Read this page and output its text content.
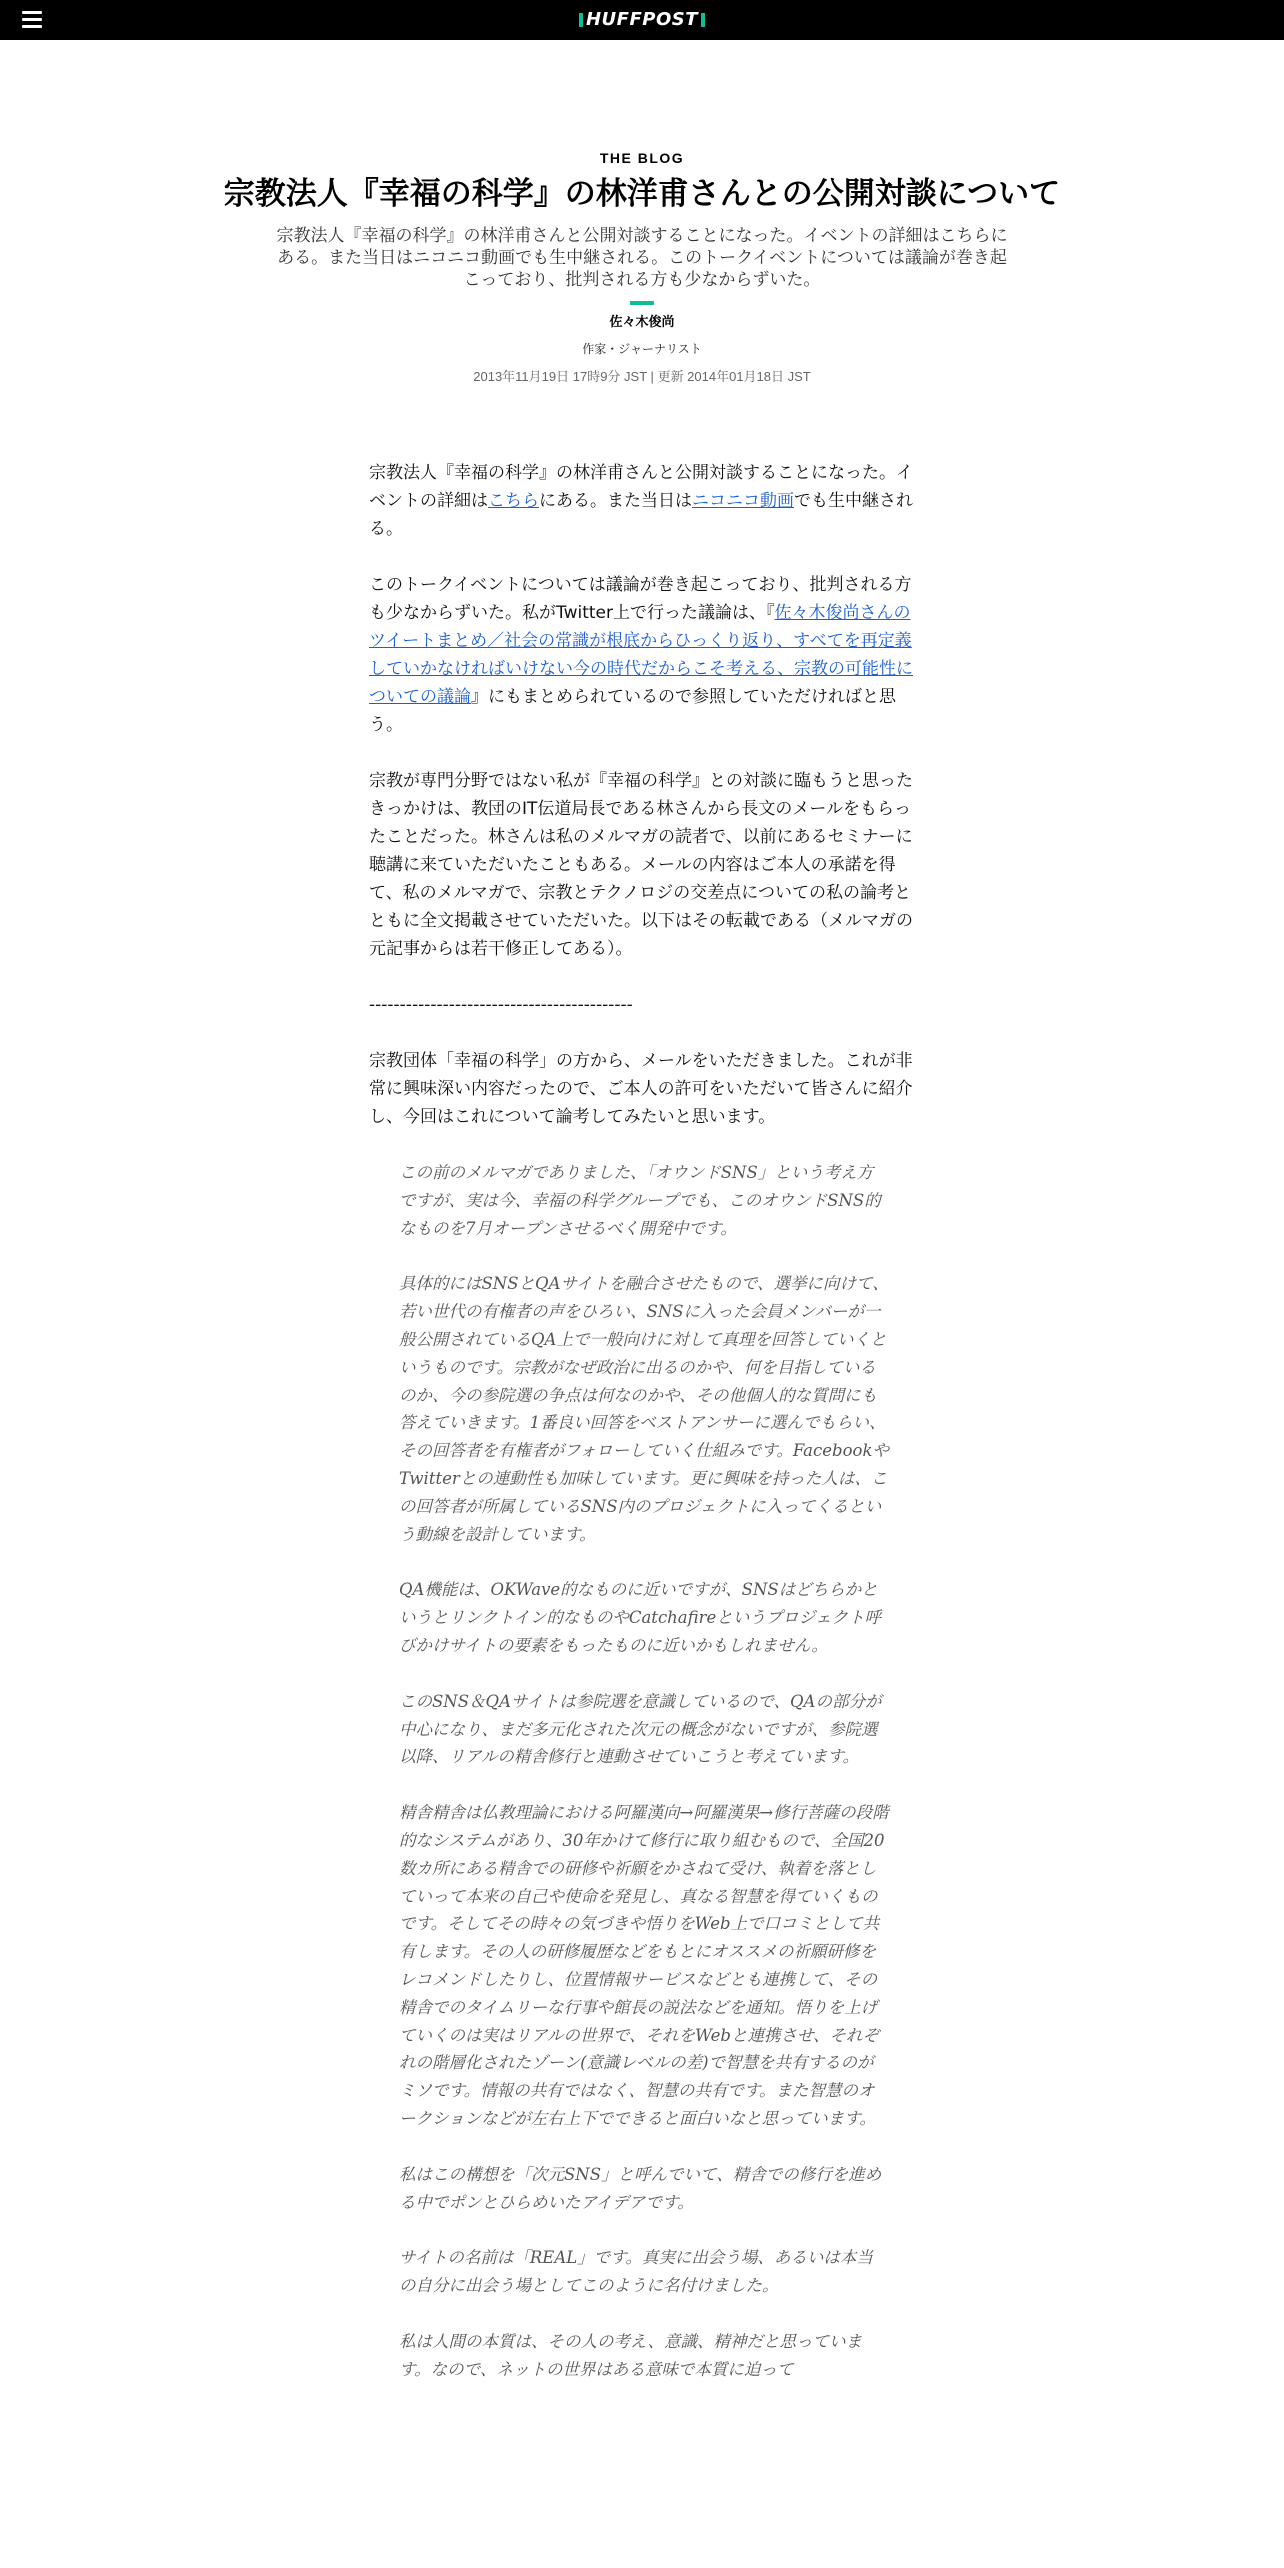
HUFFPOST
THE BLOG
宗教法人『幸福の科学』の林洋甫さんとの公開対談について
宗教法人『幸福の科学』の林洋甫さんと公開対談することになった。イベントの詳細はこちらにある。また当日はニコニコ動画でも生中継される。このトークイベントについては議論が巻き起こっており、批判される方も少なからずいた。
佐々木俊尚
作家・ジャーナリスト
2013年11月19日 17時9分 JST | 更新 2014年01月18日 JST

宗教法人『幸福の科学』の林洋甫さんと公開対談することになった。イベントの詳細はこちらにある。また当日はニコニコ動画でも生中継される。

このトークイベントについては議論が巻き起こっており、批判される方も少なからずいた。私がTwitter上で行った議論は、『佐々木俊尚さんのツイートまとめ／社会の常識が根底からひっくり返り、すべてを再定義していかなければいけない今の時代だからこそ考える、宗教の可能性についての議論』にもまとめられているので参照していただければと思う。

宗教が専門分野ではない私が『幸福の科学』との対談に臨もうと思ったきっかけは、教団のIT伝道局長である林さんから長文のメールをもらったことだった。林さんは私のメルマガの読者で、以前にあるセミナーに聴講に来ていただいたこともある。メールの内容はご本人の承諾を得て、私のメルマガで、宗教とテクノロジの交差点についての私の論考とともに全文掲載させていただいた。以下はその転載である（メルマガの元記事からは若干修正してある）。

-------------------------------------------

宗教団体「幸福の科学」の方から、メールをいただきました。これが非常に興味深い内容だったので、ご本人の許可をいただいて皆さんに紹介し、今回はこれについて論考してみたいと思います。

この前のメルマガでありました、「オウンドSNS」という考え方ですが、実は今、幸福の科学グループでも、このオウンドSNS的なものを7月オープンさせるべく開発中です。

具体的にはSNSとQAサイトを融合させたもので、選挙に向けて、若い世代の有権者の声をひろい、SNSに入った会員メンバーが一般公開されているQA上で一般向けに対して真理を回答していくというものです。宗教がなぜ政治に出るのかや、何を目指しているのか、今の参院選の争点は何なのかや、その他個人的な質問にも答えていきます。1番良い回答をベストアンサーに選んでもらい、その回答者を有権者がフォローしていく仕組みです。FacebookやTwitterとの連動性も加味しています。更に興味を持った人は、この回答者が所属しているSNS内のプロジェクトに入ってくるという動線を設計しています。

QA機能は、OKWave的なものに近いですが、SNSはどちらかというとリンクトイン的なものやCatchafireというプロジェクト呼びかけサイトの要素をもったものに近いかもしれません。

このSNS＆QAサイトは参院選を意識しているので、QAの部分が中心になり、まだ多元化された次元の概念がないですが、参院選以降、リアルの精舎修行と連動させていこうと考えています。

精舎精舎は仏教理論における阿羅漢向→阿羅漢果→修行菩薩の段階的なシステムがあり、30年かけて修行に取り組むもので、全国20数カ所にある精舎での研修や祈願をかさねて受け、執着を落としていって本来の自己や使命を発見し、真なる智慧を得ていくものです。そしてその時々の気づきや悟りをWeb上で口コミとして共有します。その人の研修履歴などをもとにオススメの祈願研修をレコメンドしたりし、位置情報サービスなどとも連携して、その精舎でのタイムリーな行事や館長の説法などを通知。悟りを上げていくのは実はリアルの世界で、それをWebと連携させ、それぞれの階層化されたゾーン(意識レベルの差)で智慧を共有するのがミソです。情報の共有ではなく、智慧の共有です。また智慧のオークションなどが左右上下でできると面白いなと思っています。

私はこの構想を「次元SNS」と呼んでいて、精舎での修行を進める中でポンとひらめいたアイデアです。

サイトの名前は「REAL」です。真実に出会う場、あるいは本当の自分に出会う場としてこのように名付けました。

私は人間の本質は、その人の考え、意識、精神だと思っています。なので、ネットの世界はある意味で本質に迫って
